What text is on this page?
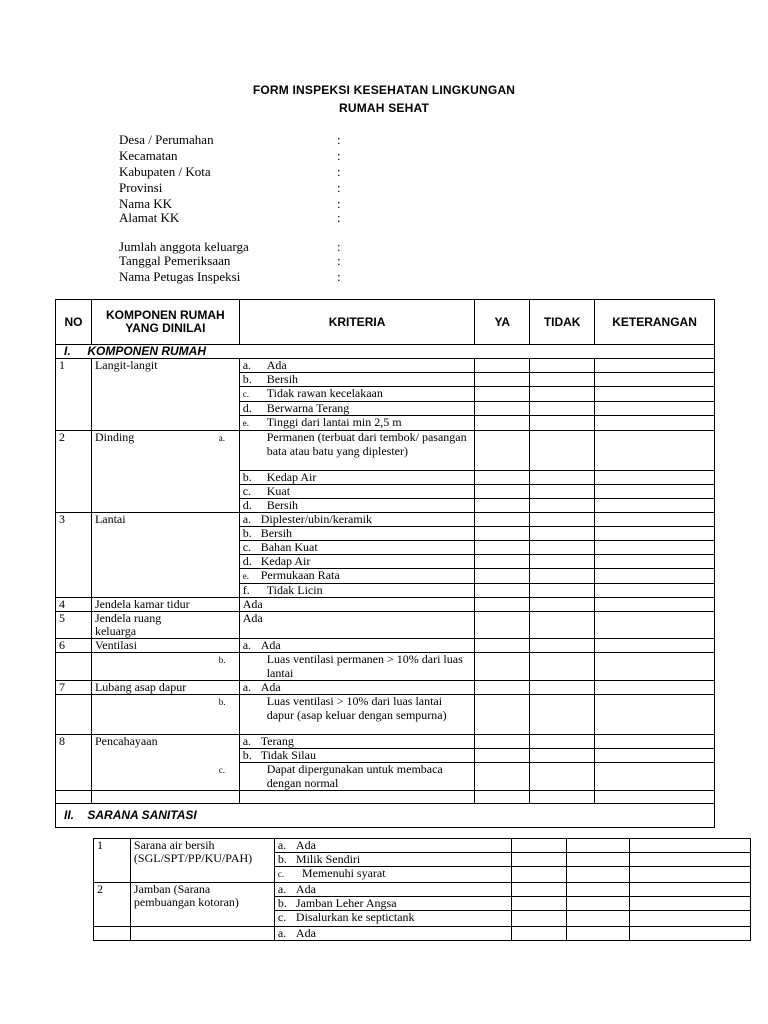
FORM INSPEKSI KESEHATAN LINGKUNGAN
RUMAH SEHAT
Desa / Perumahan	:
Kecamatan	:
Kabupaten / Kota	:
Provinsi	:
Nama KK	:
Alamat KK	:
Jumlah anggota keluarga	:
Tanggal Pemeriksaan	:
Nama Petugas Inspeksi	:
NO	KOMPONEN RUMAH YANG DINILAI	KRITERIA	YA	TIDAK	KETERANGAN
I. KOMPONEN RUMAH					
1	Langit-langit	a. Ada			
		b. Bersih			
		c. Tidak rawan kecelakaan			
		d. Berwarna Terang			
		e. Tinggi dari lantai min 2,5 m			
2	Dinding	a. Permanen (terbuat dari tembok/ pasangan bata atau batu yang diplester)			
		b. Kedap Air			
		c. Kuat			
		d. Bersih			
3	Lantai	a. Diplester/ubin/keramik			
		b. Bersih			
		c. Bahan Kuat			
		d. Kedap Air			
		e. Permukaan Rata			
		f. Tidak Licin			
4	Jendela kamar tidur	Ada			
5	Jendela ruang keluarga	Ada			
6	Ventilasi	a. Ada			
		b. Luas ventilasi permanen > 10% dari luas lantai			
7	Lubang asap dapur	a. Ada			
		b. Luas ventilasi > 10% dari luas lantai dapur (asap keluar dengan sempurna)			
8	Pencahayaan	a. Terang			
		b. Tidak Silau			
		c. Dapat dipergunakan untuk membaca dengan normal			

II. SARANA SANITASI					
1	Sarana air bersih (SGL/SPT/PP/KU/PAH)	a. Ada			
		b. Milik Sendiri			
		c. Memenuhi syarat			
2	Jamban (Sarana pembuangan kotoran)	a. Ada			
		b. Jamban Leher Angsa			
		c. Disalurkan ke septictank			
		a. Ada			
